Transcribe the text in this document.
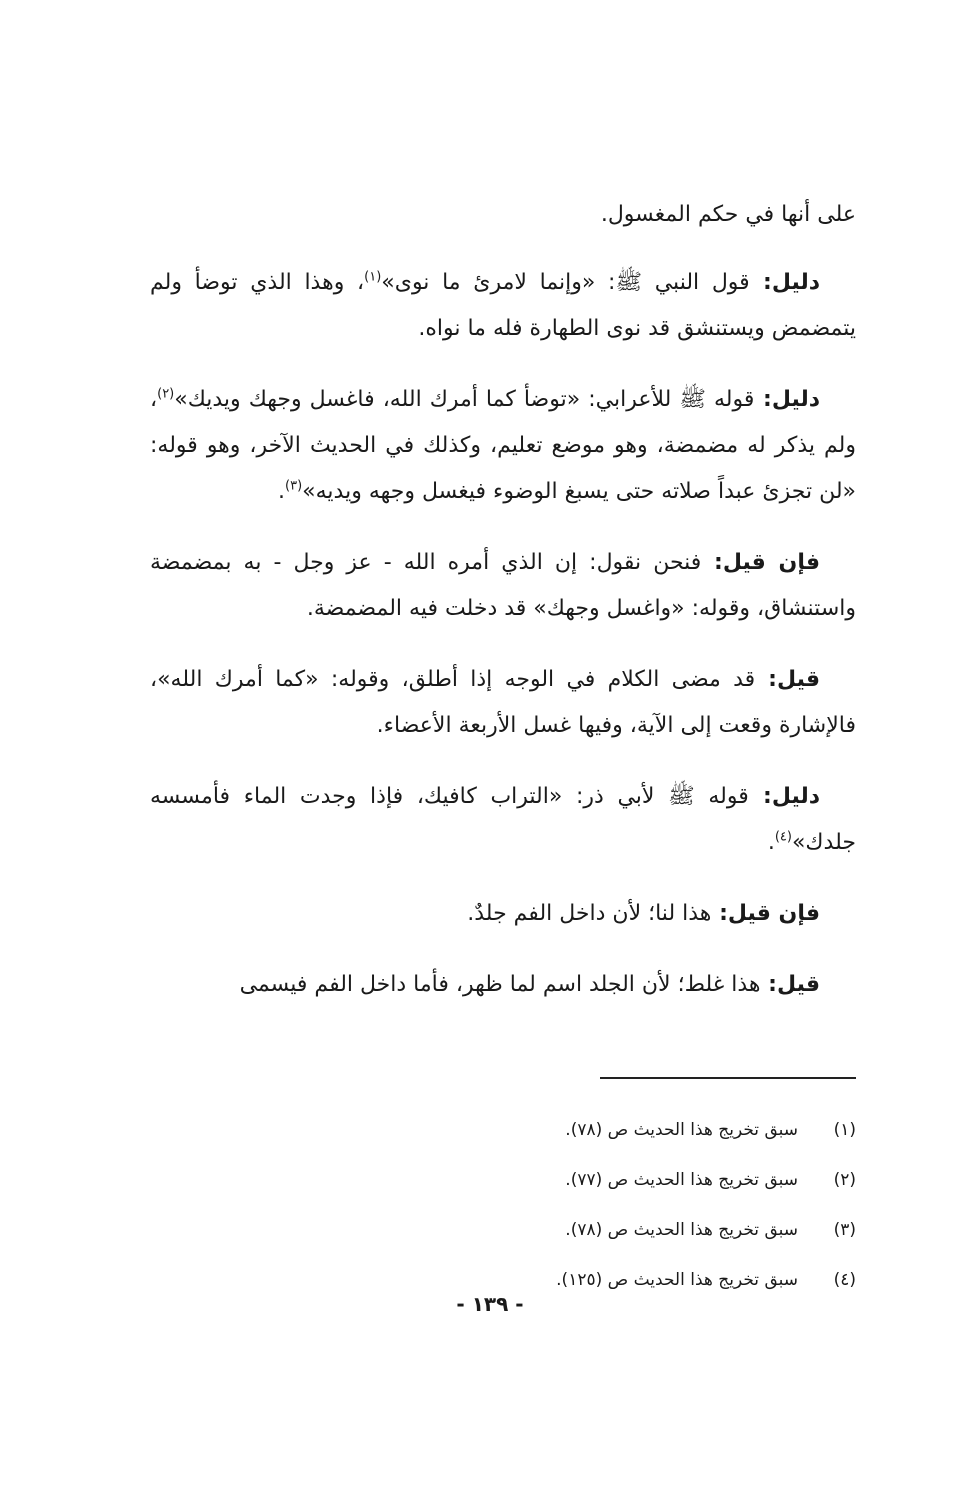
على أنها في حكم المغسول.

دليل: قول النبي ﷺ: «وإنما لامرئ ما نوى»$^{(١)}$، وهذا الذي توضأ ولم يتمضمض ويستنشق قد نوى الطهارة فله ما نواه.

دليل: قوله ﷺ للأعرابي: «توضأ كما أمرك الله، فاغسل وجهك ويديك»$^{(٢)}$، ولم يذكر له مضمضة، وهو موضع تعليم، وكذلك في الحديث الآخر، وهو قوله: «لن تجزئ عبداً صلاته حتى يسبغ الوضوء فيغسل وجهه ويديه»$^{(٣)}$.

فإن قيل: فنحن نقول: إن الذي أمره الله - عز وجل - به بمضمضة واستنشاق، وقوله: «واغسل وجهك» قد دخلت فيه المضمضة.

قيل: قد مضى الكلام في الوجه إذا أطلق، وقوله: «كما أمرك الله»، فالإشارة وقعت إلى الآية، وفيها غسل الأربعة الأعضاء.

دليل: قوله ﷺ لأبي ذر: «التراب كافيك، فإذا وجدت الماء فأمسسه جلدك»$^{(٤)}$.

فإن قيل: هذا لنا؛ لأن داخل الفم جلدٌ.

قيل: هذا غلط؛ لأن الجلد اسم لما ظهر، فأما داخل الفم فيسمى

(١)
سبق تخريج هذا الحديث ص (٧٨).
(٢)
سبق تخريج هذا الحديث ص (٧٧).
(٣)
سبق تخريج هذا الحديث ص (٧٨).
(٤)
سبق تخريج هذا الحديث ص (١٢٥).
- ١٣٩ -
